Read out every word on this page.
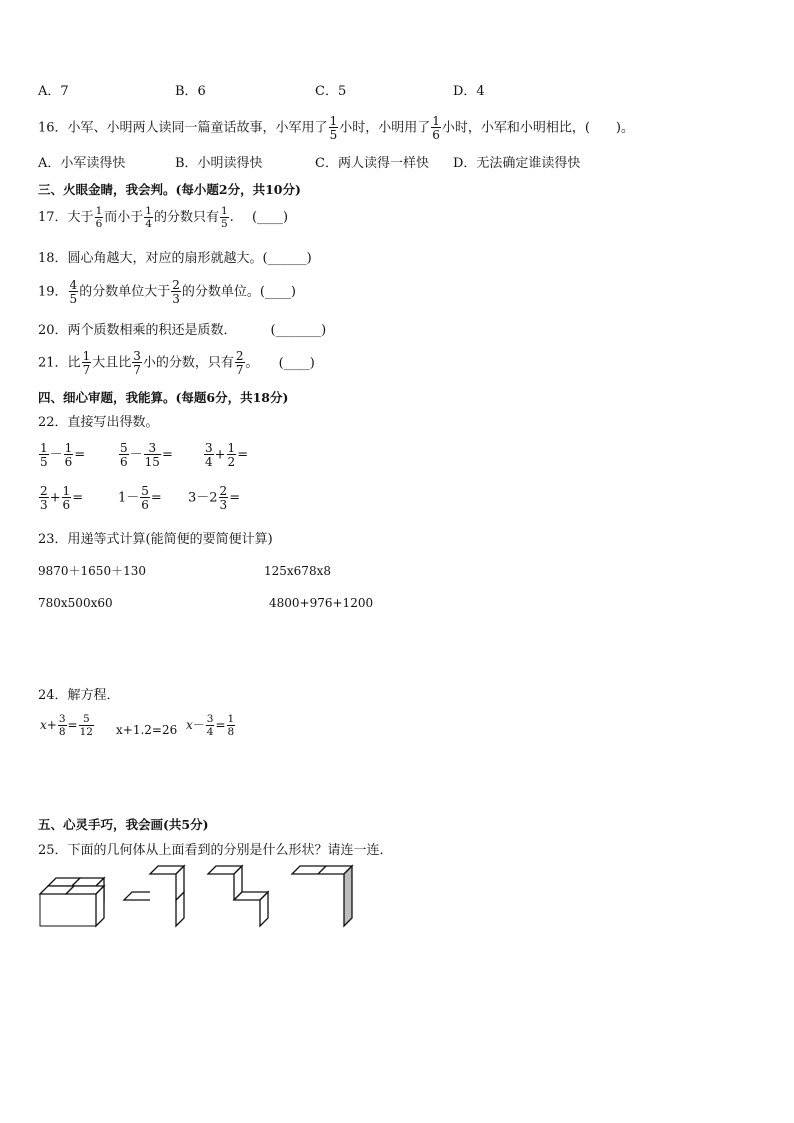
A．7	B．6	C．5	D．4
16．小军、小明两人读同一篇童话故事，小军用了 $\frac{1}{5}$ 小时，小明用了 $\frac{1}{6}$ 小时，小军和小明相比，(　　)。
A．小军读得快	B．小明读得快	C．两人读得一样快 D．无法确定谁读得快
三、火眼金睛，我会判。(每小题2分，共10分)
17．大于 $\frac{1}{6}$ 而小于 $\frac{1}{4}$ 的分数只有 $\frac{1}{5}$ . (____)
18．圆心角越大，对应的扇形就越大。(______)
19． $\frac{4}{5}$ 的分数单位大于 $\frac{2}{3}$ 的分数单位。(____)
20．两个质数相乘的积还是质数．	(_______)
21．比 $\frac{1}{7}$ 大且比 $\frac{3}{7}$ 小的分数，只有 $\frac{2}{7}$ 。 (____)
四、细心审题，我能算。(每题6分，共18分)
22．直接写出得数。
$\frac{1}{5} - \frac{1}{6}$ =	$\frac{5}{6} - \frac{3}{15}$ =	$\frac{3}{4} + \frac{1}{2}$ =
$\frac{2}{3} + \frac{1}{6}$ =	$1- \frac{5}{6} = 3-2 \frac{2}{3}$ =
23．用递等式计算(能简便的要简便计算)
9870＋1650＋130	125x678x8
780x500x60	4800+976+1200
24．解方程．
$x+ \frac{3}{8} = \frac{5}{12} x+1.2=26$ $x- \frac{3}{4} = \frac{1}{8}$
五、心灵手巧，我会画(共5分)
25．下面的几何体从上面看到的分别是什么形状？请连一连．
